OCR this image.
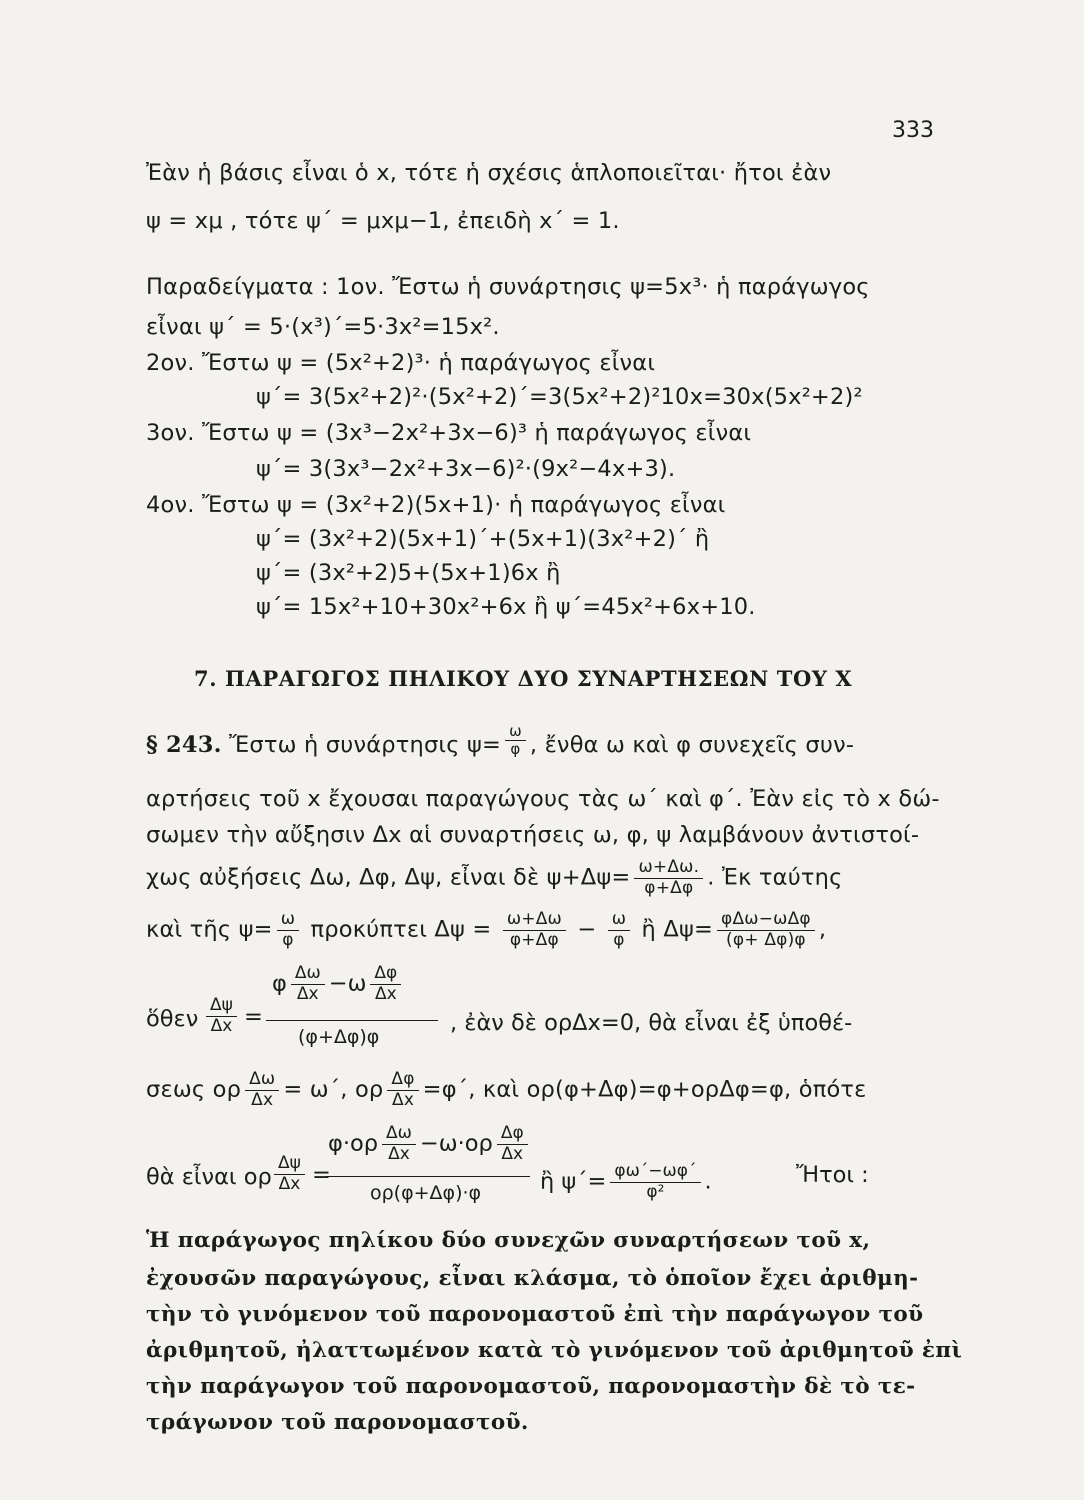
333
Ἐὰν ἡ βάσις εἶναι ὁ x, τότε ἡ σχέσις ἁπλοποιεῖται· ἤτοι ἐὰν
ψ = xμ , τότε ψ΄ = μxμ−1, ἐπειδὴ x΄ = 1.
Παραδείγματα : 1ον. Ἔστω ἡ συνάρτησις ψ=5x³· ἡ παράγωγος
εἶναι ψ΄ = 5·(x³)΄=5·3x²=15x².
2ον. Ἔστω ψ = (5x²+2)³· ἡ παράγωγος εἶναι
ψ΄= 3(5x²+2)²·(5x²+2)΄=3(5x²+2)²10x=30x(5x²+2)²
3ον. Ἔστω ψ = (3x³−2x²+3x−6)³ ἡ παράγωγος εἶναι
ψ΄= 3(3x³−2x²+3x−6)²·(9x²−4x+3).
4ον. Ἔστω ψ = (3x²+2)(5x+1)· ἡ παράγωγος εἶναι
ψ΄= (3x²+2)(5x+1)΄+(5x+1)(3x²+2)΄ ἢ
ψ΄= (3x²+2)5+(5x+1)6x ἢ
ψ΄= 15x²+10+30x²+6x ἢ ψ΄=45x²+6x+10.
7. ΠΑΡΑΓΩΓΟΣ ΠΗΛΙΚΟΥ ΔΥΟ ΣΥΝΑΡΤΗΣΕΩΝ ΤΟΥ Χ
§ 243. Ἔστω ἡ συνάρτησις $\psi= \frac{\omega}{\varphi}$ , ἔνθα ω καὶ φ συνεχεῖς συν-
αρτήσεις τοῦ x ἔχουσαι παραγώγους τὰς ω΄ καὶ φ΄. Ἐὰν εἰς τὸ x δώ-
σωμεν τὴν αὔξησιν Δx αἱ συναρτήσεις ω, φ, ψ λαμβάνουν ἀντιστοί-
χως αὐξήσεις Δω, Δφ, Δψ, εἶναι δὲ $\psi+\Delta\psi= \frac{\omega+\Delta\omega.}{\varphi+\Delta\varphi}$ . Ἐκ ταύτης
καὶ τῆς $\psi= \frac{\omega}{\varphi}$ προκύπτει $\Delta\psi = \frac{\omega+\Delta\omega}{\varphi+\Delta\varphi} - \frac{\omega}{\varphi}$ ἢ $\Delta\psi= \frac{\text{φΔω−ωΔφ}}{(\varphi+ \Delta\varphi)\varphi}$ ,
ὅθεν $\frac{\Delta\psi}{\Delta x}$ =
φ $\frac{\Delta\omega}{\Delta x} -\omega \frac{\Delta\varphi}{\Delta x}$
(φ+Δφ)φ
, ἐὰν δὲ ορΔx=0, θὰ εἶναι ἐξ ὑποθέ-
σεως ορ $\frac{\Delta\omega}{\Delta x} = \omega΄$, ορ $\frac{\Delta\varphi}{\Delta x} =\varphi΄$, καὶ ορ(φ+Δφ)=φ+ορΔφ=φ, ὁπότε
θὰ εἶναι ορ $\frac{\Delta\psi}{\Delta x}$ =
$\varphi\cdot o\rho \frac{\Delta\omega}{\Delta x} -\omega\cdot o\rho \frac{\Delta\varphi}{\Delta x}$
ορ(φ+Δφ)·φ	ἢ $\psi΄= \frac{\varphi\omega΄-\omega\varphi΄}{\text{φ²}}$ .	Ἤτοι :
Ἡ παράγωγος πηλίκου δύο συνεχῶν συναρτήσεων τοῦ x,
ἐχουσῶν παραγώγους, εἶναι κλάσμα, τὸ ὁποῖον ἔχει ἀριθμη-
τὴν τὸ γινόμενον τοῦ παρονομαστοῦ ἐπὶ τὴν παράγωγον τοῦ
ἀριθμητοῦ, ἠλαττωμένον κατὰ τὸ γινόμενον τοῦ ἀριθμητοῦ ἐπὶ
τὴν παράγωγον τοῦ παρονομαστοῦ, παρονομαστὴν δὲ τὸ τε-
τράγωνον τοῦ παρονομαστοῦ.
